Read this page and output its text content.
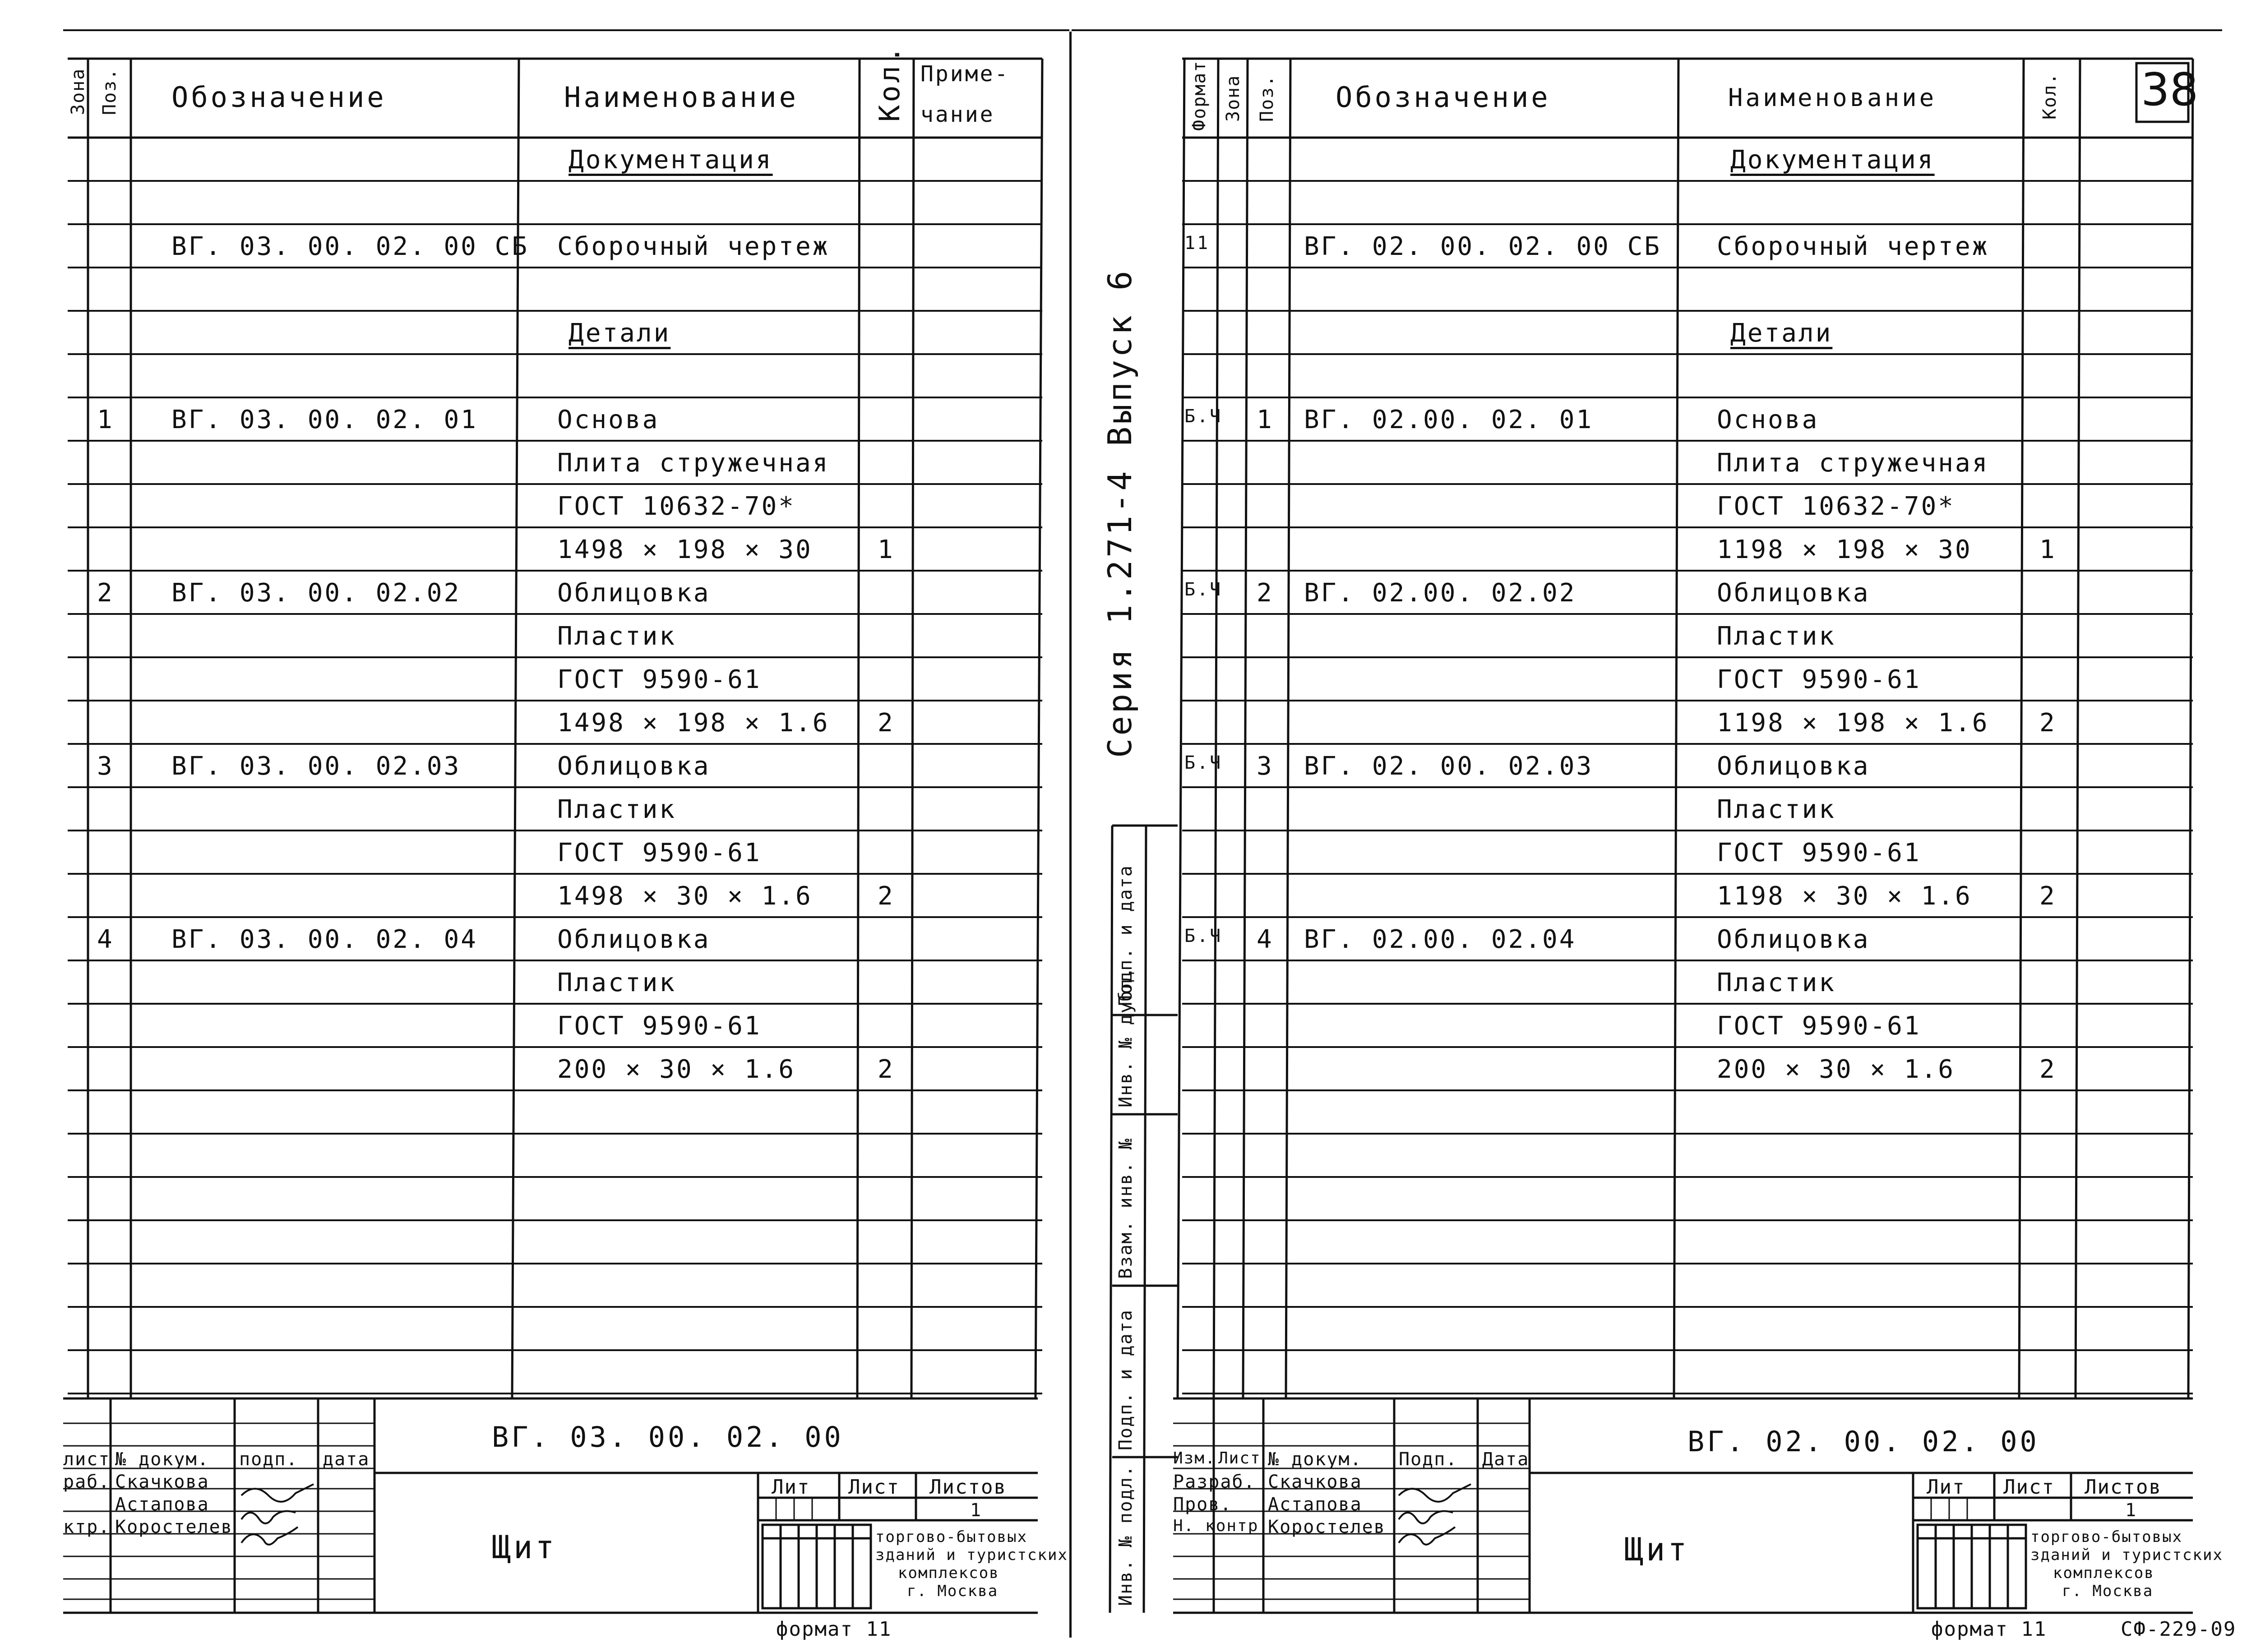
Зона Поз. Обозначение	Наименование	Кол. Приме-
чание
Документация
ВГ. 03. 00. 02. 00 СБ Сборочный чертеж
Детали
1 ВГ. 03. 00. 02. 01	Основа
Плита стружечная
ГОСТ 10632-70*
1498 × 198 × 30	1
2 ВГ. 03. 00. 02.02	Облицовка
Пластик
ГОСТ 9590-61
1498 × 198 × 1.6 2
3 ВГ. 03. 00. 02.03	Облицовка
Пластик
ГОСТ 9590-61
1498 × 30 × 1.6	2
4 ВГ. 03. 00. 02. 04	Облицовка
Пластик
ГОСТ 9590-61
200 × 30 × 1.6	2
ВГ. 03. 00. 02. 00
Щит
лист № докум. подп. дата
раб. Скачкова
Астапова
ктр. Коростелев
Лит Лист Листов
1
торгово-бытовых
зданий и туристских
комплексов
г. Москва
формат 11
Серия 1.271-4 Выпуск 6
Подп. и дата
Инв. № дубл.
Взам. инв. №
Подп. и дата
Инв. № подл.
Формат Зона Поз. Обозначение	Наименование	Кол. 38
Документация
11	ВГ. 02. 00. 02. 00 СБ Сборочный чертеж
Детали
Б.Ч 1 ВГ. 02.00. 02. 01	Основа
Плита стружечная
ГОСТ 10632-70*
1198 × 198 × 30	1
Б.Ч 2 ВГ. 02.00. 02.02	Облицовка
Пластик
ГОСТ 9590-61
1198 × 198 × 1.6 2
Б.Ч 3 ВГ. 02. 00. 02.03	Облицовка
Пластик
ГОСТ 9590-61
1198 × 30 × 1.6	2
Б.Ч 4 ВГ. 02.00. 02.04	Облицовка
Пластик
ГОСТ 9590-61
200 × 30 × 1.6	2
ВГ. 02. 00. 02. 00
Щит
Изм. Лист № докум. Подп. Дата
Разраб. Скачкова
Пров. Астапова
Н. контр.
Коростелев
Лит Лист Листов
1
торгово-бытовых
зданий и туристских
комплексов
г. Москва
формат 11	СФ-229-09
